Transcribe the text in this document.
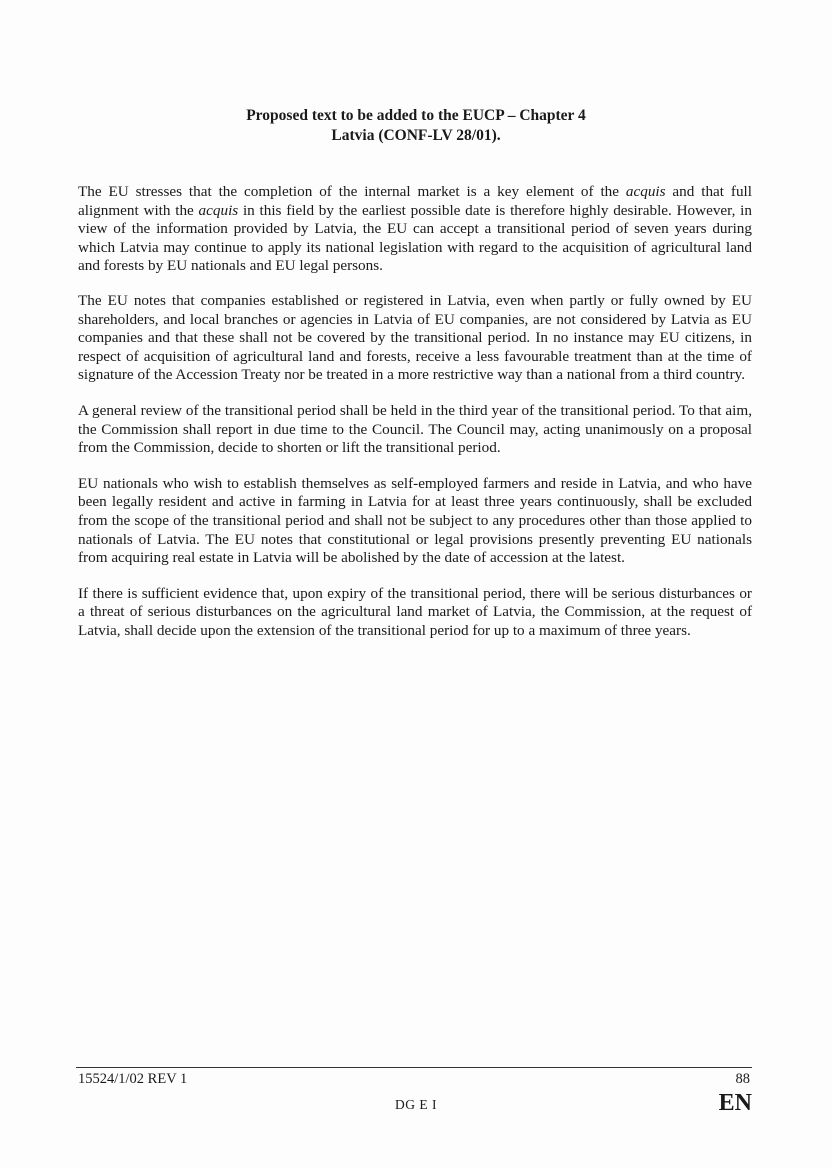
Proposed text to be added to the EUCP – Chapter 4
Latvia (CONF-LV 28/01).

The EU stresses that the completion of the internal market is a key element of the acquis and that full alignment with the acquis in this field by the earliest possible date is therefore highly desirable. However, in view of the information provided by Latvia, the EU can accept a transitional period of seven years during which Latvia may continue to apply its national legislation with regard to the acquisition of agricultural land and forests by EU nationals and EU legal persons.

The EU notes that companies established or registered in Latvia, even when partly or fully owned by EU shareholders, and local branches or agencies in Latvia of EU companies, are not considered by Latvia as EU companies and that these shall not be covered by the transitional period. In no instance may EU citizens, in respect of acquisition of agricultural land and forests, receive a less favourable treatment than at the time of signature of the Accession Treaty nor be treated in a more restrictive way than a national from a third country.

A general review of the transitional period shall be held in the third year of the transitional period. To that aim, the Commission shall report in due time to the Council. The Council may, acting unanimously on a proposal from the Commission, decide to shorten or lift the transitional period.

EU nationals who wish to establish themselves as self-employed farmers and reside in Latvia, and who have been legally resident and active in farming in Latvia for at least three years continuously, shall be excluded from the scope of the transitional period and shall not be subject to any procedures other than those applied to nationals of Latvia. The EU notes that constitutional or legal provisions presently preventing EU nationals from acquiring real estate in Latvia will be abolished by the date of accession at the latest.

If there is sufficient evidence that, upon expiry of the transitional period, there will be serious disturbances or a threat of serious disturbances on the agricultural land market of Latvia, the Commission, at the request of Latvia, shall decide upon the extension of the transitional period for up to a maximum of three years.

15524/1/02 REV 1	88
DG E I	EN
